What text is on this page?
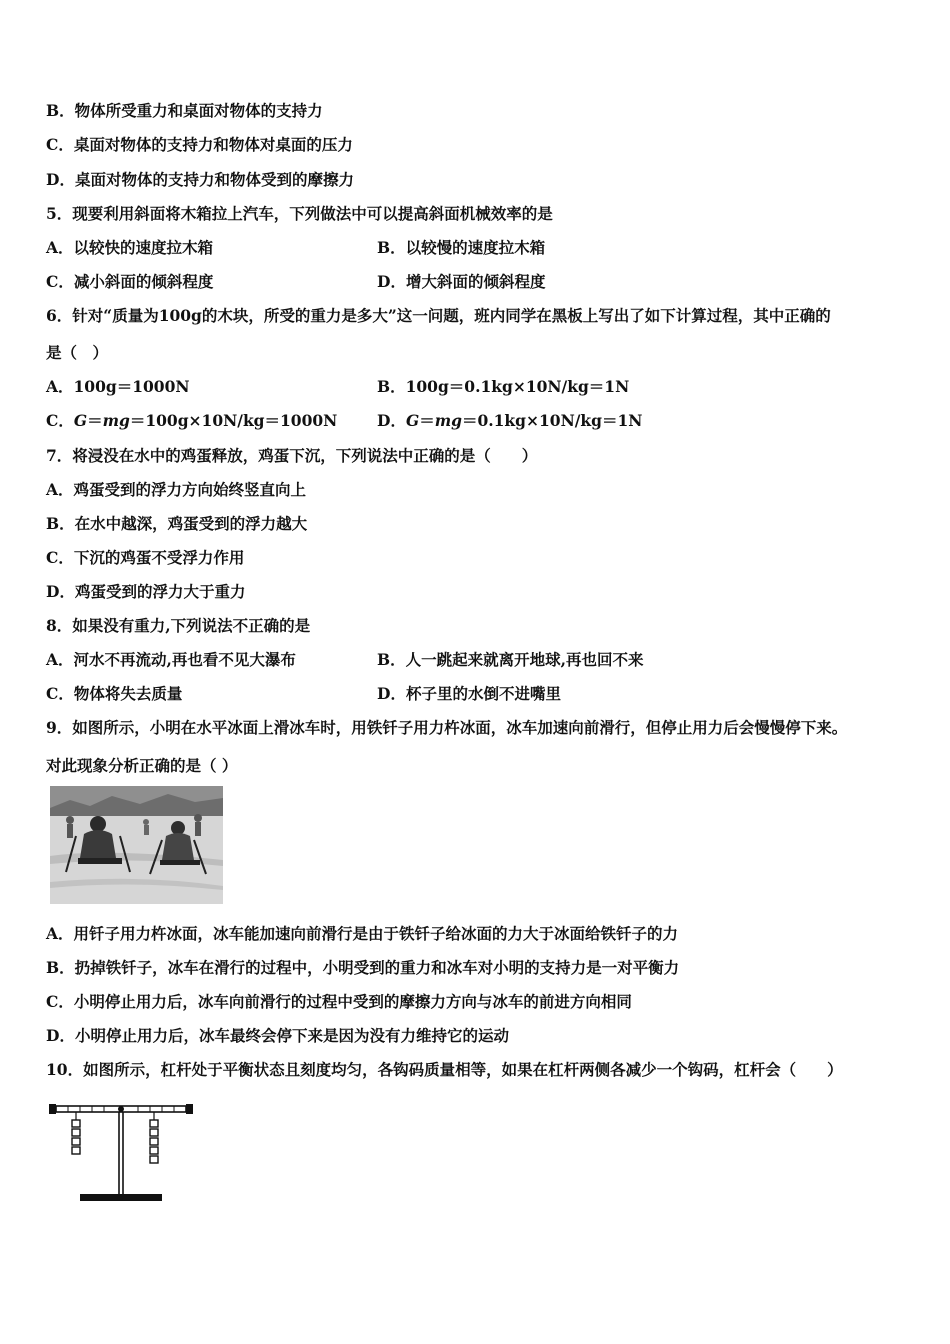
B．物体所受重力和桌面对物体的支持力
C．桌面对物体的支持力和物体对桌面的压力
D．桌面对物体的支持力和物体受到的摩擦力
5．现要利用斜面将木箱拉上汽车，下列做法中可以提高斜面机械效率的是
A．以较快的速度拉木箱	B．以较慢的速度拉木箱
C．减小斜面的倾斜程度	D．增大斜面的倾斜程度
6．针对“质量为100g的木块，所受的重力是多大”这一问题，班内同学在黑板上写出了如下计算过程，其中正确的
是（　）
A．100g＝1000N	B．100g＝0.1kg×10N/kg＝1N
C．G＝mg＝100g×10N/kg＝1000N	D．G＝mg＝0.1kg×10N/kg＝1N
7．将浸没在水中的鸡蛋释放，鸡蛋下沉，下列说法中正确的是（　　）
A．鸡蛋受到的浮力方向始终竖直向上
B．在水中越深，鸡蛋受到的浮力越大
C．下沉的鸡蛋不受浮力作用
D．鸡蛋受到的浮力大于重力
8．如果没有重力,下列说法不正确的是
A．河水不再流动,再也看不见大瀑布	B．人一跳起来就离开地球,再也回不来
C．物体将失去质量	D．杯子里的水倒不进嘴里
9．如图所示，小明在水平冰面上滑冰车时，用铁钎子用力杵冰面，冰车加速向前滑行，但停止用力后会慢慢停下来。
对此现象分析正确的是（ ）
A．用钎子用力杵冰面，冰车能加速向前滑行是由于铁钎子给冰面的力大于冰面给铁钎子的力
B．扔掉铁钎子，冰车在滑行的过程中，小明受到的重力和冰车对小明的支持力是一对平衡力
C．小明停止用力后，冰车向前滑行的过程中受到的摩擦力方向与冰车的前进方向相同
D．小明停止用力后，冰车最终会停下来是因为没有力维持它的运动
10．如图所示，杠杆处于平衡状态且刻度均匀，各钩码质量相等，如果在杠杆两侧各减少一个钩码，杠杆会（　　）
